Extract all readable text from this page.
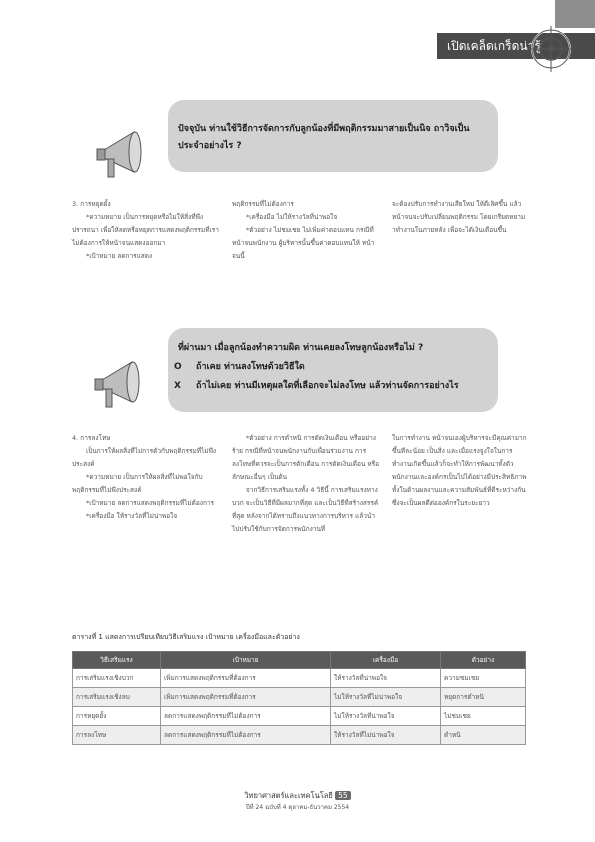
เปิดเคล็ดเกร็ดน่ารู้
ปัจจุบัน ท่านใช้วิธีการจัดการกับลูกน้องที่มีพฤติกรรมมาสายเป็นนิจ ถาวิจเป็นประจำอย่างไร ?

3. การหยุดยั้ง

*ความหมาย เป็นการหยุดหรือไม่ให้สิ่งที่พึงปรารถนา เพื่อให้ลดหรือหยุดการแสดงพฤติกรรมที่เราไม่ต้องการให้หน้าจนแสดงออกมา

*เป้าหมาย ลดการแสดง

พฤติกรรมที่ไม่ต้องการ

*เครื่องมือ ไม่ให้รางวัลที่น่าพอใจ

*ตัวอย่าง ไม่ชมเชย ไม่เพิ่มค่าตอบแทน กรณีที่หน้าจนพนักงาน ผู้บริหารนั้นขึ้นค่าตอบแทนให้ หน้าจนนี้

จะต้องปรับการทำงานเสียใหม่ ให้ดีเลิศขึ้น แล้วหน้าจนจะปรับเปลี่ยนพฤติกรรม โดยเกรียดหยามาทำงานในภายหลัง เพื่อจะได้เงินเดือนขึ้น

ที่ผ่านมา เมื่อลูกน้องทำความผิด ท่านเคยลงโทษลูกน้องหรือไม่ ?
O ถ้าเคย ท่านลงโทษด้วยวิธีใด
X ถ้าไม่เคย ท่านมีเหตุผลใดที่เลือกจะไม่ลงโทษ แล้วท่านจัดการอย่างไร

4. การลงโทษ

เป็นการให้ผลสิ่งที่ไม่การตัวกับพฤติกรรมที่ไม่พึงประสงค์

*ความหมาย เป็นการให้ผลสิ่งที่ไม่พอใจกับพฤติกรรมที่ไม่พึงประสงค์

*เป้าหมาย ลดการแสดงพฤติกรรมที่ไม่ต้องการ

*เครื่องมือ ให้รางวัลที่ไม่น่าพอใจ

*ตัวอย่าง การตำหนิ การตัดเงินเดือน หรืออย่างร้าย กรณีที่หน้าจนพนักงานกับเพื่อนร่วมงาน การลงโทษที่ควรจะเป็นการตักเตือน การตัดเงินเดือน หรือลักษณะอื่นๆ เป็นต้น

จากวิธีการเสริมแรงทั้ง 4 วิธีนี้ การเสริมแรงทางบวก จะเป็นวิธีที่มีผลมากที่สุด และเป็นวิธีที่สร้างสรรค์ที่สุด หลังจากได้ทราบถึงแนวทางการบริหาร แล้วนำไปปรับใช้กับการจัดการพนักงานที่

ในการทำงาน หน้าจนเองผู้บริหารจะมีคุณค่ามากขึ้นทีละน้อย เป็นสิ่ง และเมื่อแรงจูงใจในการทำงานเกิดขึ้นแล้วก็จะทำให้การพัฒนาทั้งตัวพนักงานและองค์กรเป็นไปได้อย่างมีประสิทธิภาพ ทั้งในด้านผลงานและความสัมพันธ์ที่ดีระหว่างกัน ซึ่งจะเป็นผลดีต่อองค์กรในระยะยาว

ตารางที่ 1 แสดงการเปรียบเทียบวิธีเสริมแรง เป้าหมาย เครื่องมือและตัวอย่าง
วิธีเสริมแรง	เป้าหมาย	เครื่องมือ	ตัวอย่าง
การเสริมแรงเชิงบวก	เพิ่มการแสดงพฤติกรรมที่ต้องการ	ให้รางวัลที่น่าพอใจ	ความชมเชย
การเสริมแรงเชิงลบ	เพิ่มการแสดงพฤติกรรมที่ต้องการ	ไม่ให้รางวัลที่ไม่น่าพอใจ	หยุดการตำหนิ
การหยุดยั้ง	ลดการแสดงพฤติกรรมที่ไม่ต้องการ	ไม่ให้รางวัลที่น่าพอใจ	ไม่ชมเชย
การลงโทษ	ลดการแสดงพฤติกรรมที่ไม่ต้องการ	ให้รางวัลที่ไม่น่าพอใจ	ตำหนิ
วิทยาศาสตร์และเทคโนโลยี 55
ปีที่ 24 ฉบับที่ 4 ตุลาคม-ธันวาคม 2554
